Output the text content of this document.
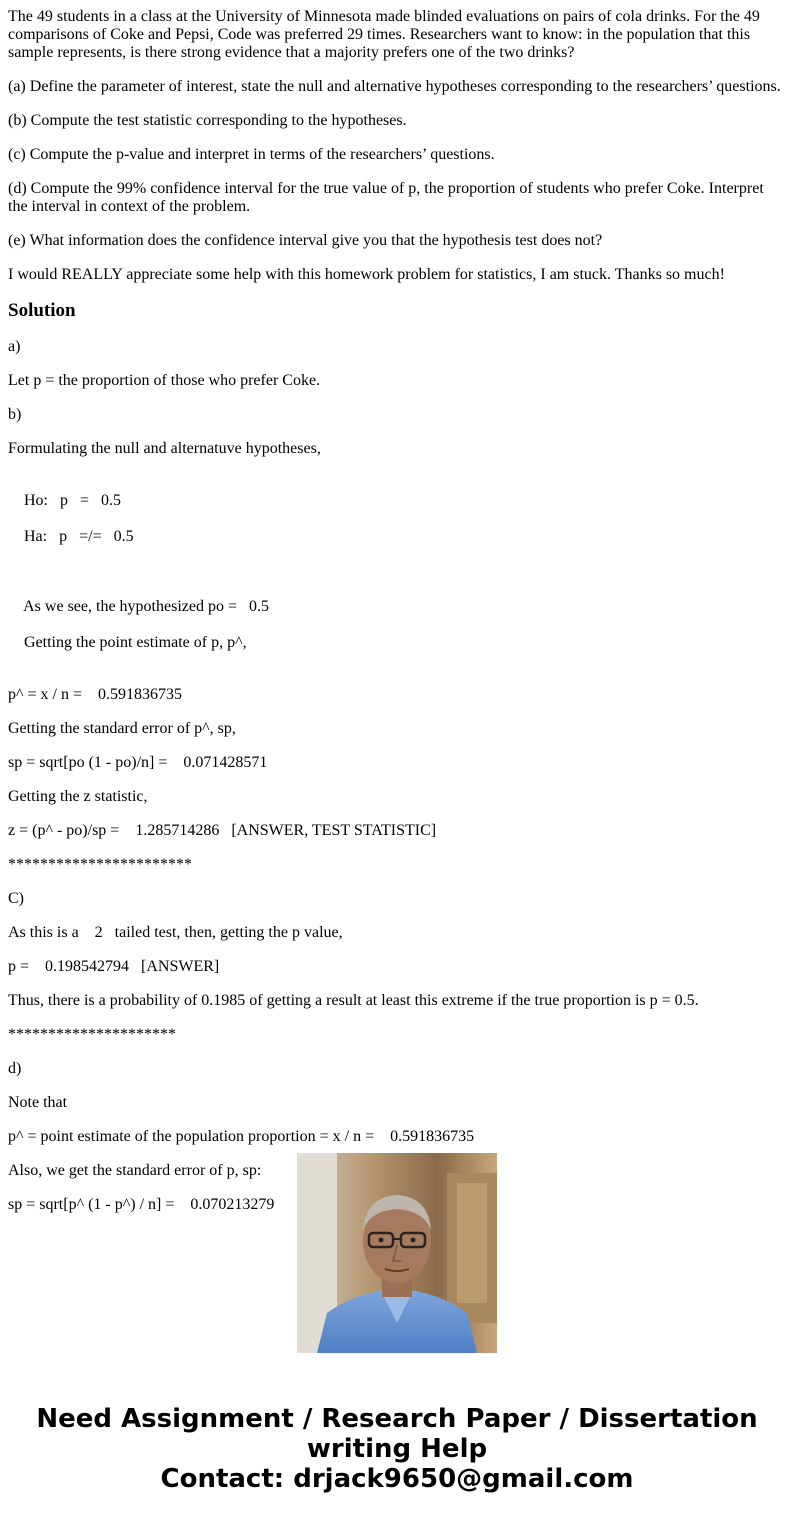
The 49 students in a class at the University of Minnesota made blinded evaluations on pairs of cola drinks. For the 49 comparisons of Coke and Pepsi, Code was preferred 29 times. Researchers want to know: in the population that this sample represents, is there strong evidence that a majority prefers one of the two drinks?

(a) Define the parameter of interest, state the null and alternative hypotheses corresponding to the researchers’ questions.

(b) Compute the test statistic corresponding to the hypotheses.

(c) Compute the p-value and interpret in terms of the researchers’ questions.

(d) Compute the 99% confidence interval for the true value of p, the proportion of students who prefer Coke. Interpret the interval in context of the problem.

(e) What information does the confidence interval give you that the hypothesis test does not?

I would REALLY appreciate some help with this homework problem for statistics, I am stuck. Thanks so much!

Solution

a)

Let p = the proportion of those who prefer Coke.

b)

Formulating the null and alternatuve hypotheses,

Ho:   p   =   0.5

Ha:   p   =/=   0.5

As we see, the hypothesized po =   0.5

Getting the point estimate of p, p^,

p^ = x / n =    0.591836735

Getting the standard error of p^, sp,

sp = sqrt[po (1 - po)/n] =    0.071428571

Getting the z statistic,

z = (p^ - po)/sp =    1.285714286   [ANSWER, TEST STATISTIC]

***********************

C)

As this is a    2   tailed test, then, getting the p value,

p =    0.198542794   [ANSWER]

Thus, there is a probability of 0.1985 of getting a result at least this extreme if the true proportion is p = 0.5.

*********************

d)

Note that

p^ = point estimate of the population proportion = x / n =    0.591836735

Also, we get the standard error of p, sp:

sp = sqrt[p^ (1 - p^) / n] =    0.070213279

Need Assignment / Research Paper / Dissertation
writing Help
Contact: drjack9650@gmail.com
